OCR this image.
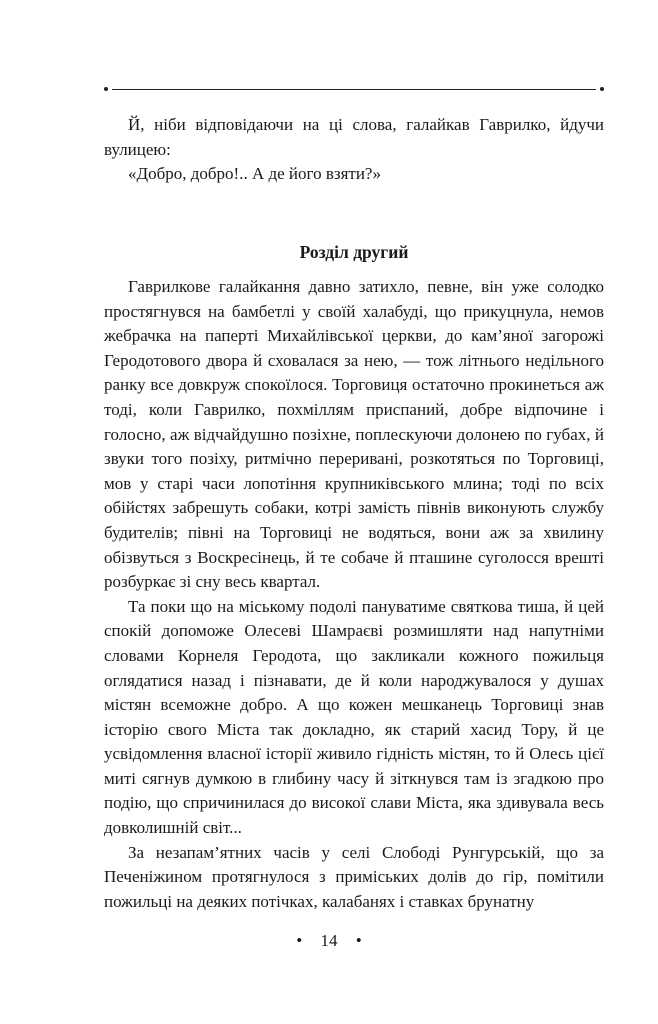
Й, ніби відповідаючи на ці слова, галайкав Гаврилко, йдучи вулицею:

«Добро, добро!.. А де його взяти?»

Розділ другий

Гаврилкове галайкання давно затихло, певне, він уже солодко простягнувся на бамбетлі у своїй халабуді, що прикуцнула, немов жебрачка на паперті Михайлівської церкви, до кам’яної загорожі Геродотового двора й сховалася за нею, — тож літнього недільного ранку все довкруж спокоїлося. Торговиця остаточно прокинеться аж тоді, коли Гаврилко, похміллям приспаний, добре відпочине і голосно, аж відчайдушно позіхне, поплескуючи долонею по губах, й звуки того позіху, ритмічно перериванi, розкотяться по Торговиці, мов у старі часи лопотіння крупниківського млина; тоді по всіх обійстях забрешуть собаки, котрі замість півнів виконують службу будителів; півні на Торговиці не водяться, вони аж за хвилину обізвуться з Воскресінець, й те собаче й пташине суголосся врешті розбуркає зі сну весь квартал.

Та поки що на міському подолі пануватиме святкова тиша, й цей спокій допоможе Олесеві Шамраєві розмишляти над напутніми словами Корнеля Геродота, що закликали кожного пожильця оглядатися назад і пізнавати, де й коли народжувалося у душах містян всеможне добро. А що кожен мешканець Торговиці знав історію свого Міста так докладно, як старий хасид Тору, й це усвідомлення власної історії живило гідність містян, то й Олесь цієї миті сягнув думкою в глибину часу й зіткнувся там із згадкою про подію, що спричинилася до високої слави Міста, яка здивувала весь довколишній світ...

За незапам’ятних часів у селі Слободі Рунгурській, що за Печеніжином протягнулося з приміських долів до гір, помітили пожильці на деяких потічках, калабанях і ставках брунатну

• 14 •
